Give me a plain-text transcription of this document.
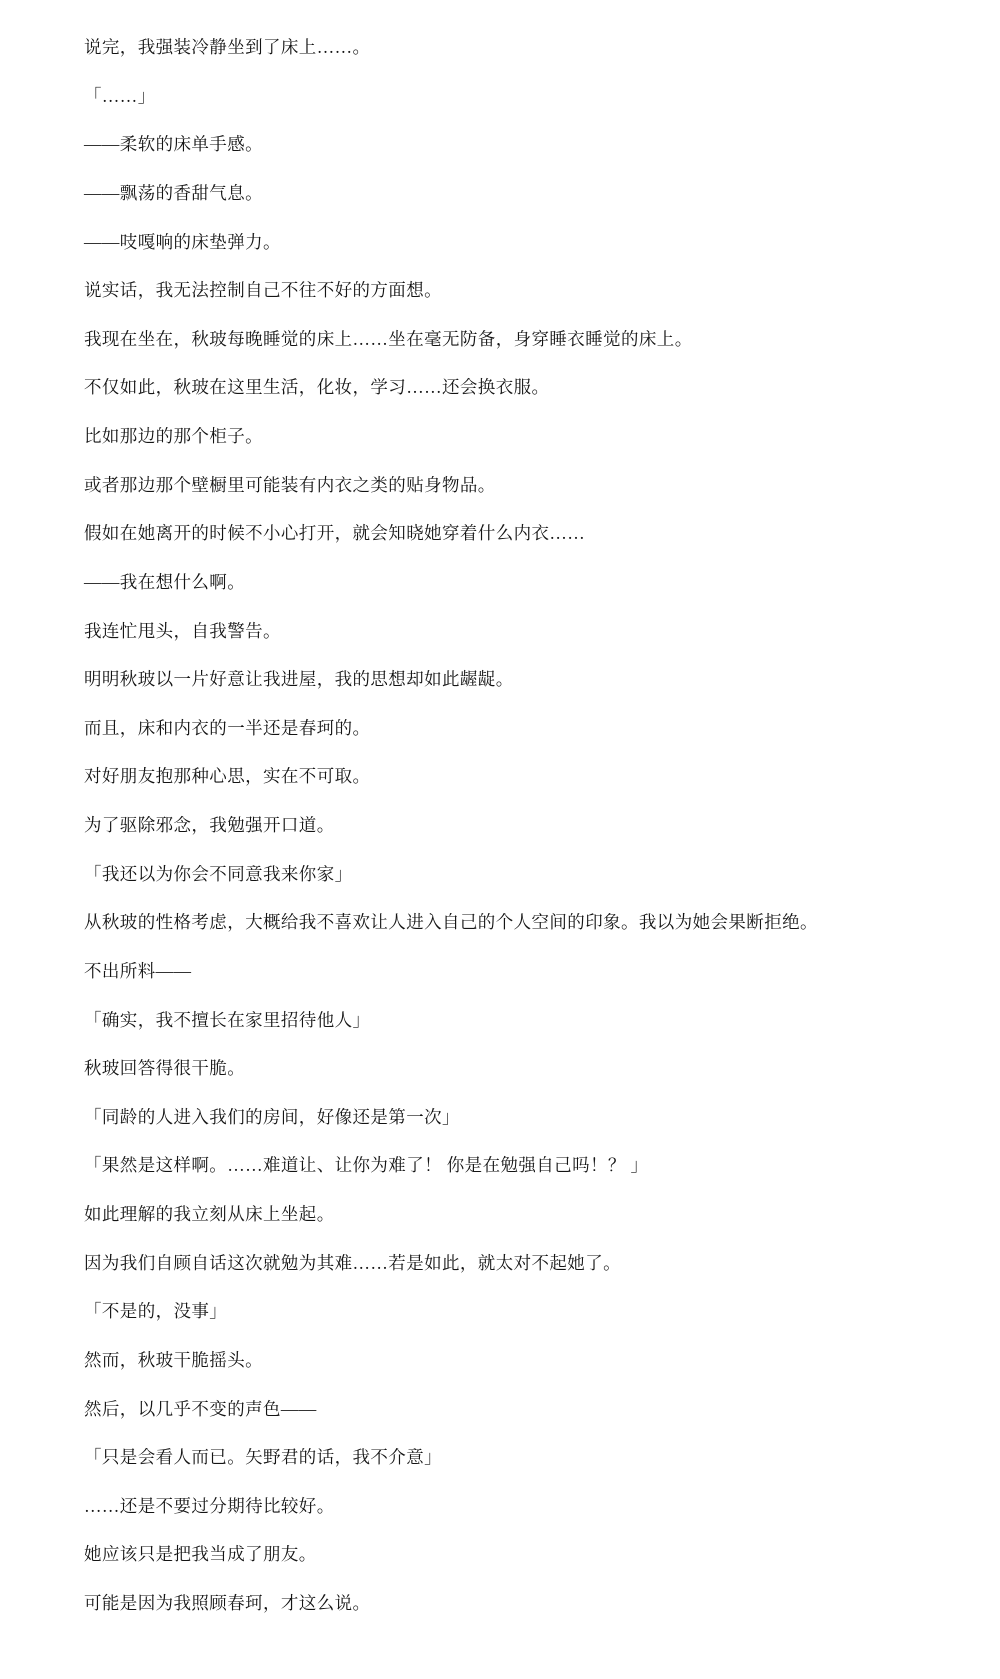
说完，我强装冷静坐到了床上……。

「……」

——柔软的床单手感。

——飘荡的香甜气息。

——吱嘎响的床垫弹力。

说实话，我无法控制自己不往不好的方面想。

我现在坐在，秋玻每晚睡觉的床上……坐在毫无防备，身穿睡衣睡觉的床上。

不仅如此，秋玻在这里生活，化妆，学习……还会换衣服。

比如那边的那个柜子。

或者那边那个壁橱里可能装有内衣之类的贴身物品。

假如在她离开的时候不小心打开，就会知晓她穿着什么内衣……

——我在想什么啊。

我连忙甩头，自我警告。

明明秋玻以一片好意让我进屋，我的思想却如此龌龊。

而且，床和内衣的一半还是春珂的。

对好朋友抱那种心思，实在不可取。

为了驱除邪念，我勉强开口道。

「我还以为你会不同意我来你家」

从秋玻的性格考虑，大概给我不喜欢让人进入自己的个人空间的印象。我以为她会果断拒绝。

不出所料——

「确实，我不擅长在家里招待他人」

秋玻回答得很干脆。

「同龄的人进入我们的房间，好像还是第一次」

「果然是这样啊。……难道让、让你为难了！ 你是在勉强自己吗！？ 」

如此理解的我立刻从床上坐起。

因为我们自顾自话这次就勉为其难……若是如此，就太对不起她了。

「不是的，没事」

然而，秋玻干脆摇头。

然后，以几乎不变的声色——

「只是会看人而已。矢野君的话，我不介意」

……还是不要过分期待比较好。

她应该只是把我当成了朋友。

可能是因为我照顾春珂，才这么说。
